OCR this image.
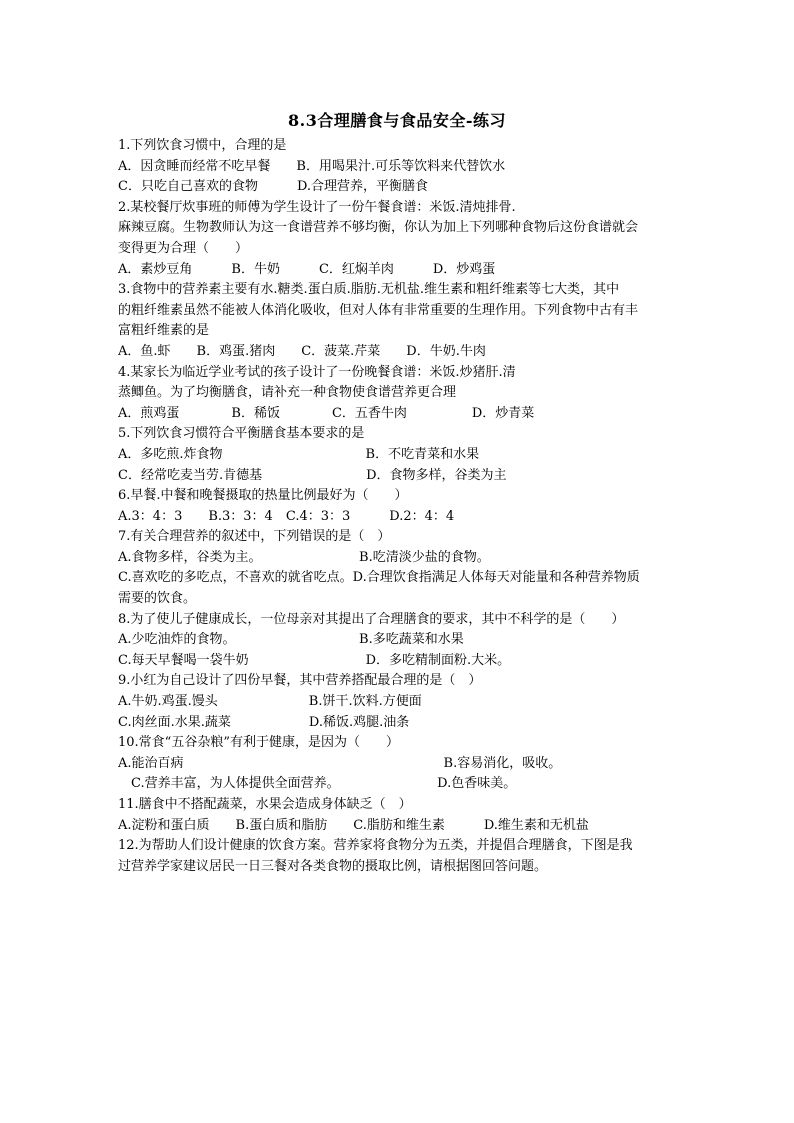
8.3合理膳食与食品安全-练习
1.下列饮食习惯中，合理的是
A．因贪睡而经常不吃早餐　　B．用喝果汁.可乐等饮料来代替饮水
C．只吃自己喜欢的食物　　　D.合理营养，平衡膳食
2.某校餐厅炊事班的师傅为学生设计了一份午餐食谱：米饭.清炖排骨.
麻辣豆腐。生物教师认为这一食谱营养不够均衡，你认为加上下列哪种食物后这份食谱就会
变得更为合理（　　）
A．素炒豆角　　　B．牛奶　　　C．红焖羊肉　　　D．炒鸡蛋
3.食物中的营养素主要有水.糖类.蛋白质.脂肪.无机盐.维生素和粗纤维素等七大类，其中
的粗纤维素虽然不能被人体消化吸收，但对人体有非常重要的生理作用。下列食物中古有丰
富粗纤维素的是
A．鱼.虾　　B．鸡蛋.猪肉　　C．菠菜.芹菜　　D．牛奶.牛肉
4.某家长为临近学业考试的孩子设计了一份晚餐食谱：米饭.炒猪肝.清
蒸鲫鱼。为了均衡膳食，请补充一种食物使食谱营养更合理
A．煎鸡蛋　　　　B．稀饭　　　　C．五香牛肉　　　　　D．炒青菜
5.下列饮食习惯符合平衡膳食基本要求的是
A．多吃煎.炸食物　　　　　　　　　　　B．不吃青菜和水果
C．经常吃麦当劳.肯德基　　　　　　　　D．食物多样，谷类为主
6.早餐.中餐和晚餐摄取的热量比例最好为（　　）
A.3：4：3　　B.3：3：4　C.4：3：3　　　D.2：4：4
7.有关合理营养的叙述中，下列错误的是（　）
A.食物多样，谷类为主。　　　　　　　　B.吃清淡少盐的食物。
C.喜欢吃的多吃点，不喜欢的就省吃点。D.合理饮食指满足人体每天对能量和各种营养物质
需要的饮食。
8.为了使儿子健康成长，一位母亲对其提出了合理膳食的要求，其中不科学的是（　　）
A.少吃油炸的食物。　　　　　　　　　　B.多吃蔬菜和水果
C.每天早餐喝一袋牛奶　　　　　　　　　D．多吃精制面粉.大米。
9.小红为自己设计了四份早餐，其中营养搭配最合理的是（　）
A.牛奶.鸡蛋.馒头　　　　　　　B.饼干.饮料.方便面
C.肉丝面.水果.蔬菜　　　　　　D.稀饭.鸡腿.油条
10.常食“五谷杂粮”有利于健康，是因为（　　）
A.能治百病　　　　　　　　　　　　　　　　　　　　B.容易消化，吸收。
　C.营养丰富，为人体提供全面营养。　　　　　　　　D.色香味美。
11.膳食中不搭配蔬菜，水果会造成身体缺乏（　）
A.淀粉和蛋白质　　B.蛋白质和脂肪　　C.脂肪和维生素　　　D.维生素和无机盐
12.为帮助人们设计健康的饮食方案。营养家将食物分为五类，并提倡合理膳食，下图是我
过营养学家建议居民一日三餐对各类食物的摄取比例，请根据图回答问题。
